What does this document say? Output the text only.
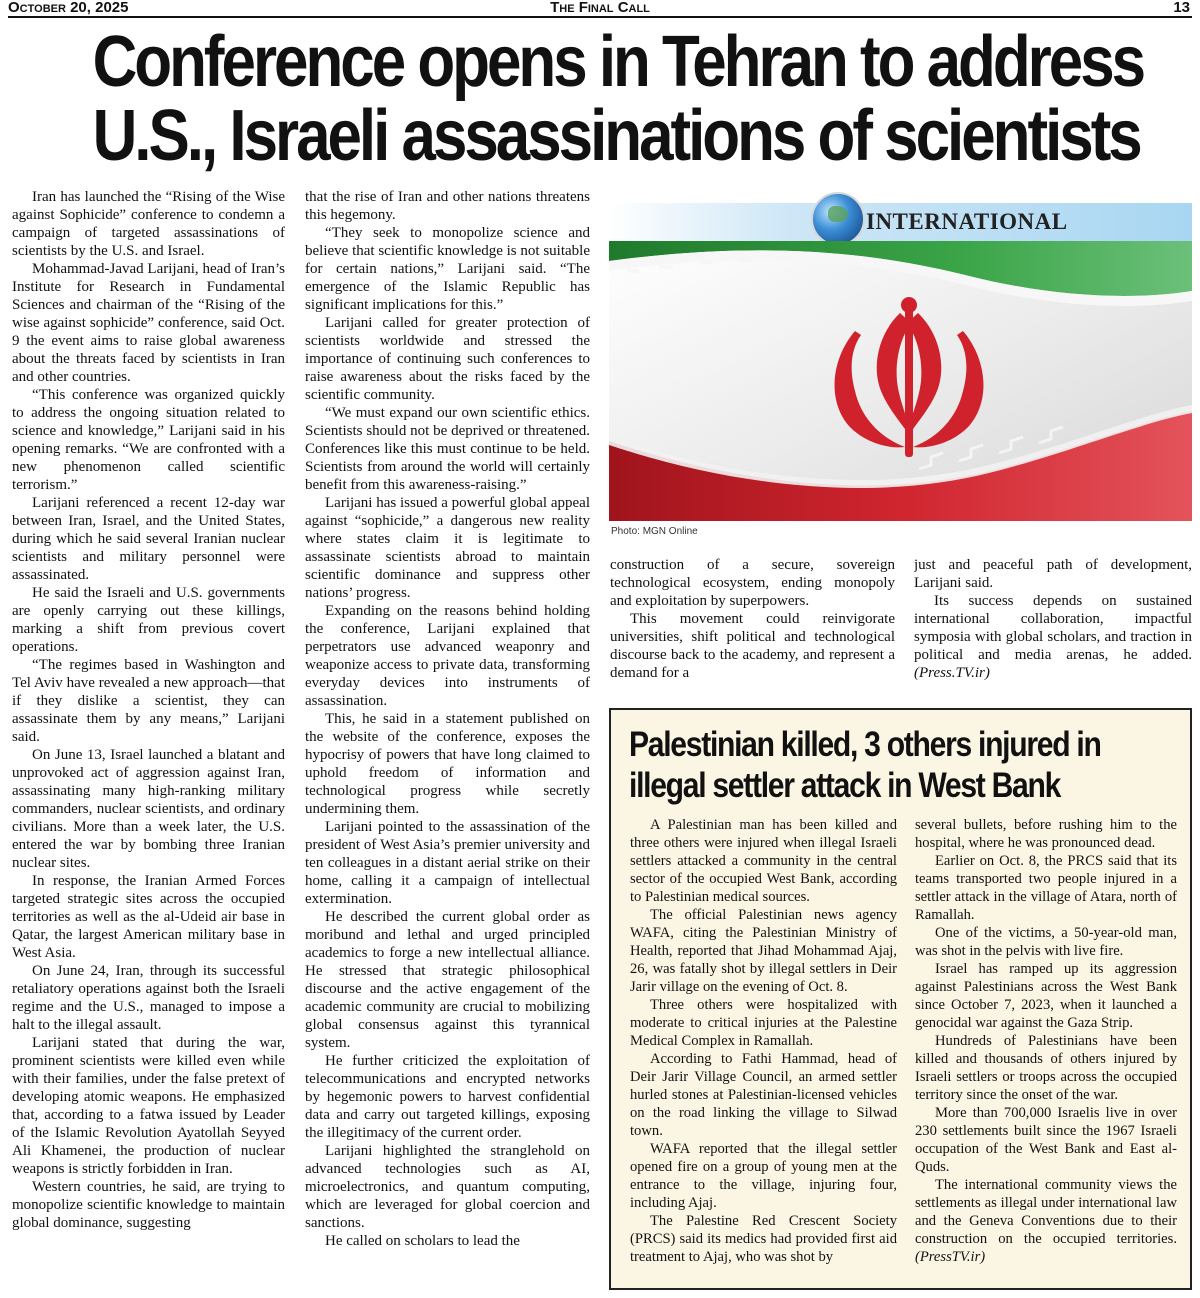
October 20, 2025	The Final Call	13
Conference opens in Tehran to address
U.S., Israeli assassinations of scientists

Iran has launched the “Rising of the Wise against Sophicide” conference to condemn a campaign of targeted assassinations of scientists by the U.S. and Israel.

Mohammad-Javad Larijani, head of Iran’s Institute for Research in Fundamental Sciences and chairman of the “Rising of the wise against sophicide” conference, said Oct. 9 the event aims to raise global awareness about the threats faced by scientists in Iran and other countries.

“This conference was organized quickly to address the ongoing situation related to science and knowledge,” Larijani said in his opening remarks. “We are confronted with a new phenomenon called scientific terrorism.”

Larijani referenced a recent 12-day war between Iran, Israel, and the United States, during which he said several Iranian nuclear scientists and military personnel were assassinated.

He said the Israeli and U.S. governments are openly carrying out these killings, marking a shift from previous covert operations.

“The regimes based in Washington and Tel Aviv have revealed a new approach—that if they dislike a scientist, they can assassinate them by any means,” Larijani said.

On June 13, Israel launched a blatant and unprovoked act of aggression against Iran, assassinating many high-ranking military commanders, nuclear scientists, and ordinary civilians. More than a week later, the U.S. entered the war by bombing three Iranian nuclear sites.

In response, the Iranian Armed Forces targeted strategic sites across the occupied territories as well as the al-Udeid air base in Qatar, the largest American military base in West Asia.

On June 24, Iran, through its successful retaliatory operations against both the Israeli regime and the U.S., managed to impose a halt to the illegal assault.

Larijani stated that during the war, prominent scientists were killed even while with their families, under the false pretext of developing atomic weapons. He emphasized that, according to a fatwa issued by Leader of the Islamic Revolution Ayatollah Seyyed Ali Khamenei, the production of nuclear weapons is strictly forbidden in Iran.

Western countries, he said, are trying to monopolize scientific knowledge to maintain global dominance, suggesting

that the rise of Iran and other nations threatens this hegemony.

“They seek to monopolize science and believe that scientific knowledge is not suitable for certain nations,” Larijani said. “The emergence of the Islamic Republic has significant implications for this.”

Larijani called for greater protection of scientists worldwide and stressed the importance of continuing such conferences to raise awareness about the risks faced by the scientific community.

“We must expand our own scientific ethics. Scientists should not be deprived or threatened. Conferences like this must continue to be held. Scientists from around the world will certainly benefit from this awareness-raising.”

Larijani has issued a powerful global appeal against “sophicide,” a dangerous new reality where states claim it is legitimate to assassinate scientists abroad to maintain scientific dominance and suppress other nations’ progress.

Expanding on the reasons behind holding the conference, Larijani explained that perpetrators use advanced weaponry and weaponize access to private data, transforming everyday devices into instruments of assassination.

This, he said in a statement published on the website of the conference, exposes the hypocrisy of powers that have long claimed to uphold freedom of information and technological progress while secretly undermining them.

Larijani pointed to the assassination of the president of West Asia’s premier university and ten colleagues in a distant aerial strike on their home, calling it a campaign of intellectual extermination.

He described the current global order as moribund and lethal and urged principled academics to forge a new intellectual alliance. He stressed that strategic philosophical discourse and the active engagement of the academic community are crucial to mobilizing global consensus against this tyrannical system.

He further criticized the exploitation of telecommunications and encrypted networks by hegemonic powers to harvest confidential data and carry out targeted killings, exposing the illegitimacy of the current order.

Larijani highlighted the stranglehold on advanced technologies such as AI, microelectronics, and quantum computing, which are leveraged for global coercion and sanctions.

He called on scholars to lead the

INTERNATIONAL
Photo: MGN Online

construction of a secure, sovereign technological ecosystem, ending monopoly and exploitation by superpowers.

This movement could reinvigorate universities, shift political and technological discourse back to the academy, and represent a demand for a

just and peaceful path of development, Larijani said.

Its success depends on sustained international collaboration, impactful symposia with global scholars, and traction in political and media arenas, he added. (Press.TV.ir)

Palestinian killed, 3 others injured in
illegal settler attack in West Bank

A Palestinian man has been killed and three others were injured when illegal Israeli settlers attacked a community in the central sector of the occupied West Bank, according to Palestinian medical sources.

The official Palestinian news agency WAFA, citing the Palestinian Ministry of Health, reported that Jihad Mohammad Ajaj, 26, was fatally shot by illegal settlers in Deir Jarir village on the evening of Oct. 8.

Three others were hospitalized with moderate to critical injuries at the Palestine Medical Complex in Ramallah.

According to Fathi Hammad, head of Deir Jarir Village Council, an armed settler hurled stones at Palestinian-licensed vehicles on the road linking the village to Silwad town.

WAFA reported that the illegal settler opened fire on a group of young men at the entrance to the village, injuring four, including Ajaj.

The Palestine Red Crescent Society (PRCS) said its medics had provided first aid treatment to Ajaj, who was shot by

several bullets, before rushing him to the hospital, where he was pronounced dead.

Earlier on Oct. 8, the PRCS said that its teams transported two people injured in a settler attack in the village of Atara, north of Ramallah.

One of the victims, a 50-year-old man, was shot in the pelvis with live fire.

Israel has ramped up its aggression against Palestinians across the West Bank since October 7, 2023, when it launched a genocidal war against the Gaza Strip.

Hundreds of Palestinians have been killed and thousands of others injured by Israeli settlers or troops across the occupied territory since the onset of the war.

More than 700,000 Israelis live in over 230 settlements built since the 1967 Israeli occupation of the West Bank and East al-Quds.

The international community views the settlements as illegal under international law and the Geneva Conventions due to their construction on the occupied territories. (PressTV.ir)
